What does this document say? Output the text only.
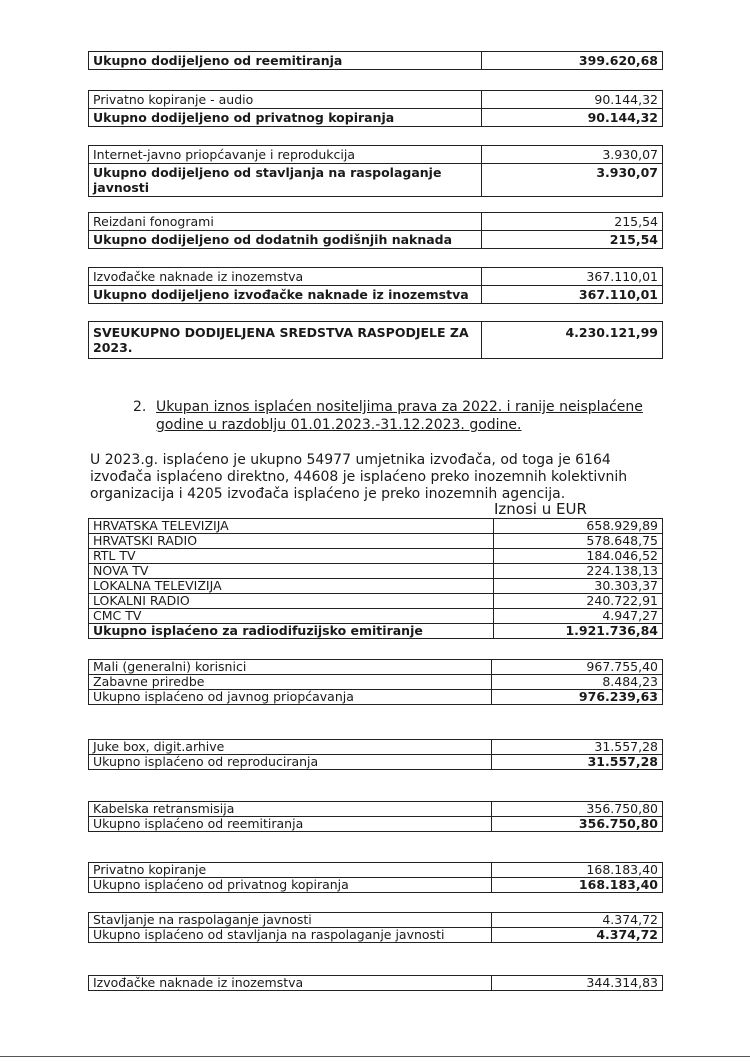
Ukupno dodijeljeno od reemitiranja	399.620,68
Privatno kopiranje - audio	90.144,32
Ukupno dodijeljeno od privatnog kopiranja	90.144,32
Internet-javno priopćavanje i reprodukcija	3.930,07
Ukupno dodijeljeno od stavljanja na raspolaganje javnosti	3.930,07
Reizdani fonogrami	215,54
Ukupno dodijeljeno od dodatnih godišnjih naknada	215,54
Izvođačke naknade iz inozemstva	367.110,01
Ukupno dodijeljeno izvođačke naknade iz inozemstva	367.110,01
SVEUKUPNO DODIJELJENA SREDSTVA RASPODJELE ZA 2023.	4.230.121,99
2. Ukupan iznos isplaćen nositeljima prava za 2022. i ranije neisplaćene godine u razdoblju 01.01.2023.-31.12.2023. godine.
U 2023.g. isplaćeno je ukupno 54977 umjetnika izvođača, od toga je 6164 izvođača isplaćeno direktno, 44608 je isplaćeno preko inozemnih kolektivnih organizacija i 4205 izvođača isplaćeno je preko inozemnih agencija.
Iznosi u EUR
HRVATSKA TELEVIZIJA	658.929,89
HRVATSKI RADIO	578.648,75
RTL TV	184.046,52
NOVA TV	224.138,13
LOKALNA TELEVIZIJA	30.303,37
LOKALNI RADIO	240.722,91
CMC TV	4.947,27
Ukupno isplaćeno za radiodifuzijsko emitiranje	1.921.736,84
Mali (generalni) korisnici	967.755,40
Zabavne priredbe	8.484,23
Ukupno isplaćeno od javnog priopćavanja	976.239,63
Juke box, digit.arhive	31.557,28
Ukupno isplaćeno od reproduciranja	31.557,28
Kabelska retransmisija	356.750,80
Ukupno isplaćeno od reemitiranja	356.750,80
Privatno kopiranje	168.183,40
Ukupno isplaćeno od privatnog kopiranja	168.183,40
Stavljanje na raspolaganje javnosti	4.374,72
Ukupno isplaćeno od stavljanja na raspolaganje javnosti	4.374,72
Izvođačke naknade iz inozemstva	344.314,83
